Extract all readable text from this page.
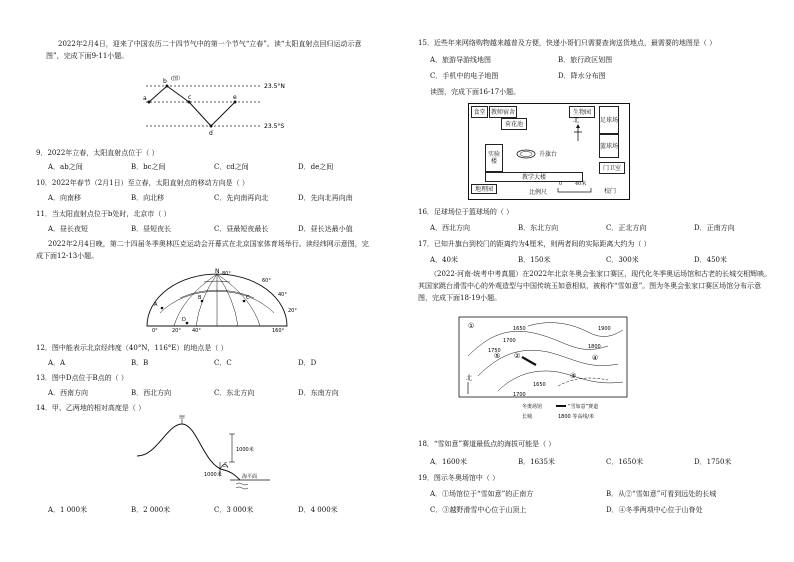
2022年2月4日，迎来了中国农历二十四节气中的第一个节气“立春”。读“太阳直射点回归运动示意图”，完成下面9-11小题。
a
b
c
d
e
(图）
23.5°N
23.5°S
9．2022年立春，太阳直射点位于（ ）
A．ab之间	B．bc之间	C．cd之间	D．de之间
10．2022年春节（2月1日）至立春，太阳直射点的移动方向是（ ）
A．向南移	B．向北移	C．先向南再向北	D．先向北再向南
11．当太阳直射点位于b处时，北京市（ ）
A．昼长夜短	B．昼短夜长	C．昼最短夜最长	D．昼长达最小值
2022年2月4日晚，第二十四届冬季奥林匹克运动会开幕式在北京国家体育场举行。读经纬网示意图，完成下面12-13小题。
N 80°
60°
40°
20°
0°	20° 40°	160°
A
B	C
D
12．图中能表示北京经纬度（40°N，116°E）的地点是（ ）
A．A	B．B	C．C	D．D
13．图中D点位于B点的（ ）
A．西南方向	B．西北方向	C．东北方向	D．东南方向
14．甲、乙两地的相对高度是（ ）
甲
乙
1000米
1000米	海平面
A．1 000米	B．2 000米	C．3 000米	D．4 000米
15．近些年来网络购物越来越普及方便，快递小哥们只需要查询送货地点，最需要的地图是（ ）
A．旅游导游线地图	B．旅行政区划图
C．手机中的电子地图	D．降水分布图
读图，完成下面16-17小题。
食堂 教师宿舍
荷花池
生物园
足球场
篮球场
实验楼
教学大楼
地理园
门卫室
校门
升旗台
北
比例尺
0	40米
16．足球场位于篮球场的（ ）
A．西北方向	B．东北方向	C．正北方向	D．正南方向
17．已知升旗台到校门的距离约为4厘米，则两者间的实际距离大约为（ ）
A．40米	B．150米	C．300米	D．450米
（2022·河南·统考中考真题）在2022年北京冬奥会张家口赛区，现代化冬季奥运场馆和古老的长城交相辉映。其国家跳台滑雪中心的外观造型与中国传统玉如意相似，被称作“雪如意”。图为冬奥会张家口赛区场馆分布示意图，完成下面18-19小题。
1650
1700
1750
1900
1800
1650
1700
①
②
③
④
⑤
北
冬奥场馆	“雪如意”赛道
长城	1800 等高线/米
18．“雪如意”赛道最低点的海拔可能是（ ）
A．1600米	B．1635米	C．1650米	D．1750米
19．图示冬奥场馆中（ ）
A．①场馆位于“雪如意”的正南方	B．从②“雪如意”可看到远处的长城
C．③越野滑雪中心位于山顶上	D．④冬季两项中心位于山脊处
